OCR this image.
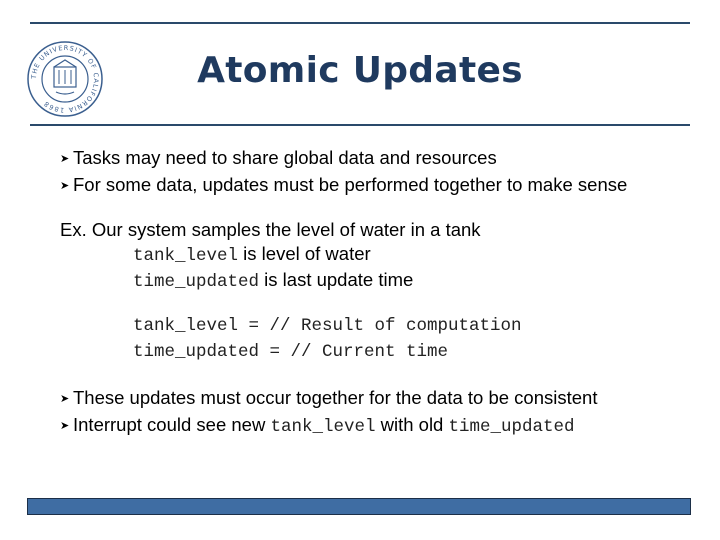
THE UNIVERSITY OF CALIFORNIA 1868
Atomic Updates
➤ Tasks may need to share global data and resources
➤ For some data, updates must be performed together to make sense
Ex. Our system samples the level of water in a tank
tank_level is level of water
time_updated is last update time
tank_level = // Result of computation
time_updated = // Current time
➤ These updates must occur together for the data to be consistent
➤ Interrupt could see new tank_level with old time_updated
